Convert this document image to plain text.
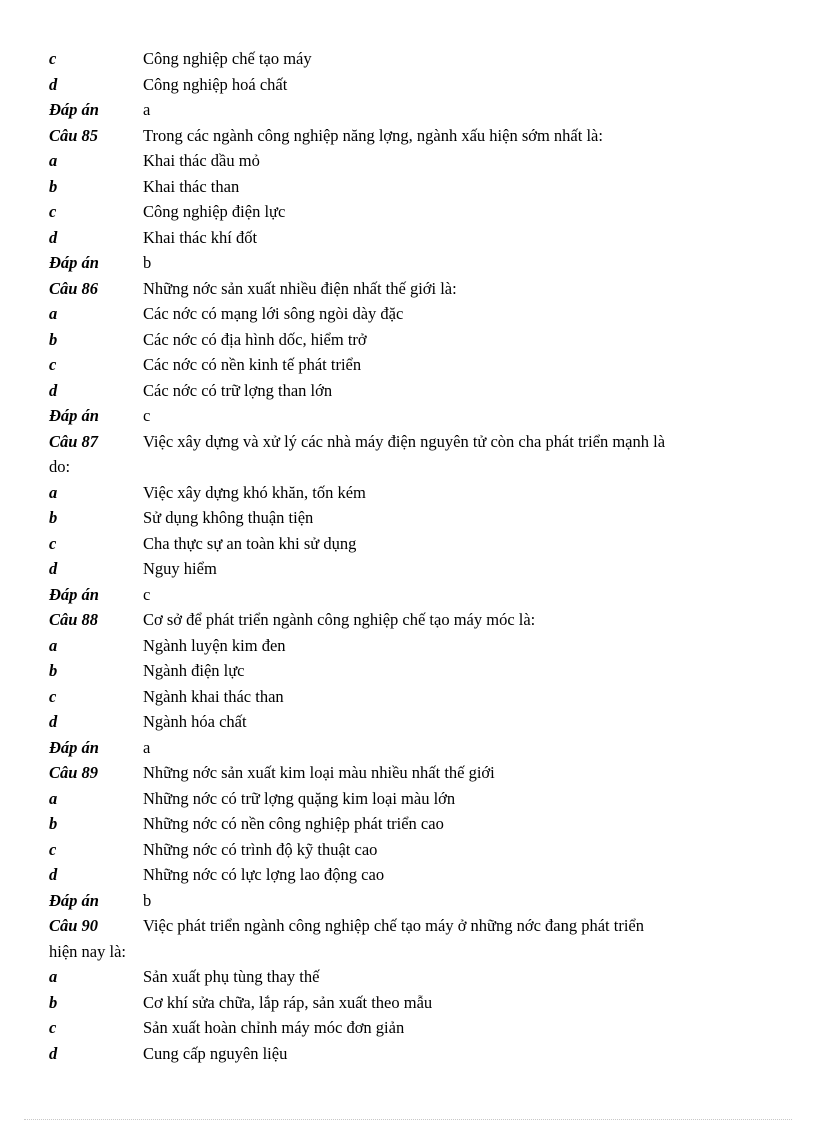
c	Công nghiệp chế tạo máy
d	Công nghiệp hoá chất
Đáp án	a
Câu 85	Trong các ngành công nghiệp năng lợng, ngành xấu hiện sớm nhất là:
a	Khai thác dầu mỏ
b	Khai thác than
c	Công nghiệp điện lực
d	Khai thác khí đốt
Đáp án	b
Câu 86	Những nớc sản xuất nhiều điện nhất thế giới là:
a	Các nớc có mạng lới sông ngòi dày đặc
b	Các nớc có địa hình dốc, hiểm trở
c	Các nớc có nền kinh tế phát triển
d	Các nớc có trữ lợng than lớn
Đáp án	c
Câu 87	Việc xây dựng và xử lý các nhà máy điện nguyên tử còn cha phát triển mạnh là
do:
a	Việc xây dựng khó khăn, tốn kém
b	Sử dụng không thuận tiện
c	Cha thực sự an toàn khi sử dụng
d	Nguy hiểm
Đáp án	c
Câu 88	Cơ sở để phát triển ngành công nghiệp chế tạo máy móc là:
a	Ngành luyện kim đen
b	Ngành điện lực
c	Ngành khai thác than
d	Ngành hóa chất
Đáp án	a
Câu 89	Những nớc sản xuất kim loại màu nhiều nhất thế giới
a	Những nớc có trữ lợng quặng kim loại màu lớn
b	Những nớc có nền công nghiệp phát triển cao
c	Những nớc có trình độ kỹ thuật cao
d	Những nớc có lực lợng lao động cao
Đáp án	b
Câu 90	Việc phát triển ngành công nghiệp chế tạo máy ở những nớc đang phát triển
hiện nay là:
a	Sản xuất phụ tùng thay thế
b	Cơ khí sửa chữa, lắp ráp, sản xuất theo mẫu
c	Sản xuất hoàn chỉnh máy móc đơn giản
d	Cung cấp nguyên liệu
